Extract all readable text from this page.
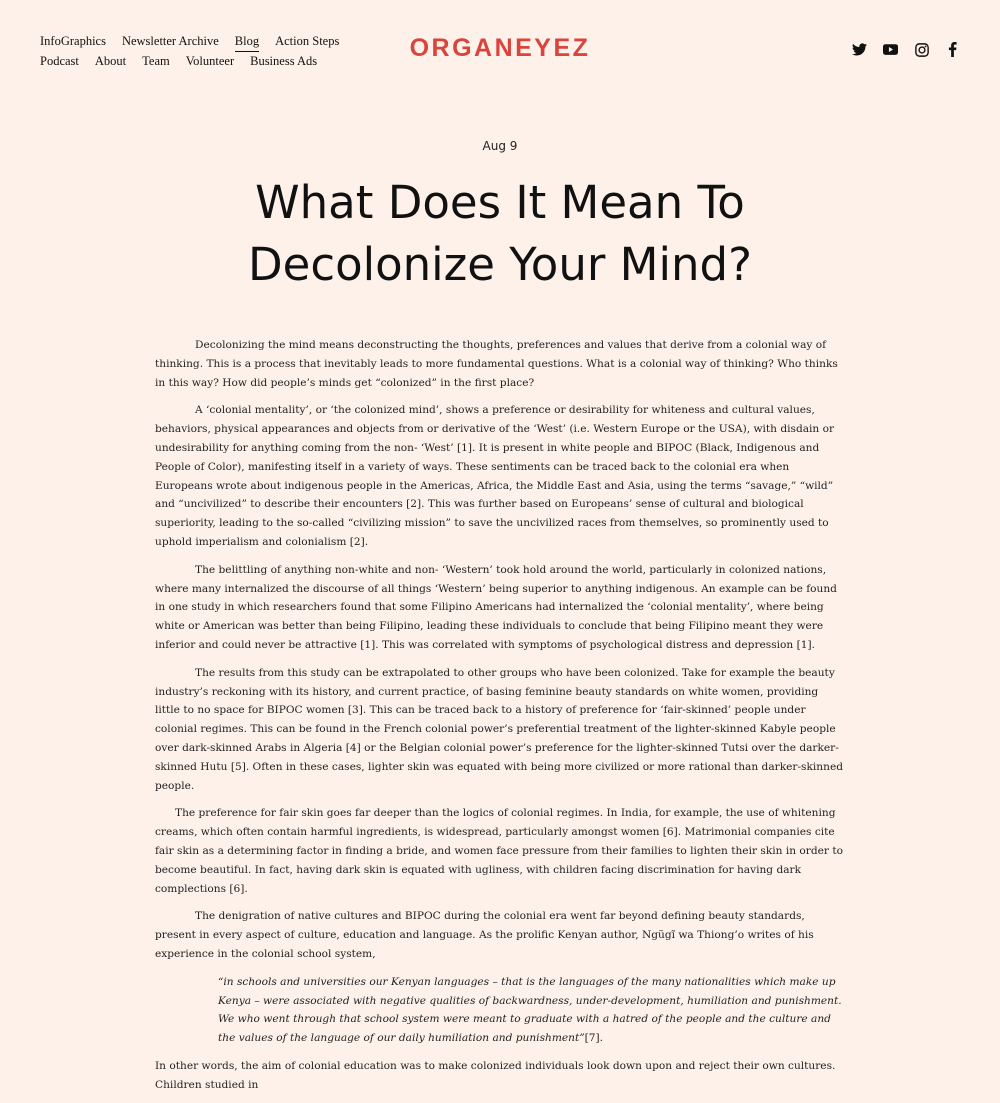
InfoGraphics Newsletter Archive Blog Action Steps
Podcast About Team Volunteer Business Ads	ORGANEYEZ
Aug 9
What Does It Mean To
Decolonize Your Mind?

Decolonizing the mind means deconstructing the thoughts, preferences and values that derive from a colonial way of thinking. This is a process that inevitably leads to more fundamental questions. What is a colonial way of thinking? Who thinks in this way? How did people’s minds get “colonized” in the first place?

A ‘colonial mentality’, or ‘the colonized mind’, shows a preference or desirability for whiteness and cultural values, behaviors, physical appearances and objects from or derivative of the ‘West’ (i.e. Western Europe or the USA), with disdain or undesirability for anything coming from the non- ‘West’ [1]. It is present in white people and BIPOC (Black, Indigenous and People of Color), manifesting itself in a variety of ways. These sentiments can be traced back to the colonial era when Europeans wrote about indigenous people in the Americas, Africa, the Middle East and Asia, using the terms “savage,” “wild” and “uncivilized” to describe their encounters [2]. This was further based on Europeans’ sense of cultural and biological superiority, leading to the so-called “civilizing mission” to save the uncivilized races from themselves, so prominently used to uphold imperialism and colonialism [2].

The belittling of anything non-white and non- ‘Western’ took hold around the world, particularly in colonized nations, where many internalized the discourse of all things ‘Western’ being superior to anything indigenous. An example can be found in one study in which researchers found that some Filipino Americans had internalized the ‘colonial mentality’, where being white or American was better than being Filipino, leading these individuals to conclude that being Filipino meant they were inferior and could never be attractive [1]. This was correlated with symptoms of psychological distress and depression [1].

The results from this study can be extrapolated to other groups who have been colonized. Take for example the beauty industry’s reckoning with its history, and current practice, of basing feminine beauty standards on white women, providing little to no space for BIPOC women [3]. This can be traced back to a history of preference for ‘fair-skinned’ people under colonial regimes. This can be found in the French colonial power’s preferential treatment of the lighter-skinned Kabyle people over dark-skinned Arabs in Algeria [4] or the Belgian colonial power’s preference for the lighter-skinned Tutsi over the darker-skinned Hutu [5]. Often in these cases, lighter skin was equated with being more civilized or more rational than darker-skinned people.

The preference for fair skin goes far deeper than the logics of colonial regimes. In India, for example, the use of whitening creams, which often contain harmful ingredients, is widespread, particularly amongst women [6]. Matrimonial companies cite fair skin as a determining factor in finding a bride, and women face pressure from their families to lighten their skin in order to become beautiful. In fact, having dark skin is equated with ugliness, with children facing discrimination for having dark complections [6].

The denigration of native cultures and BIPOC during the colonial era went far beyond defining beauty standards, present in every aspect of culture, education and language. As the prolific Kenyan author, Ngũgĩ wa Thiong’o writes of his experience in the colonial school system,

“in schools and universities our Kenyan languages – that is the languages of the many nationalities which make up Kenya – were associated with negative qualities of backwardness, under-development, humiliation and punishment. We who went through that school system were meant to graduate with a hatred of the people and the culture and the values of the language of our daily humiliation and punishment”[7].

In other words, the aim of colonial education was to make colonized individuals look down upon and reject their own cultures. Children studied in
